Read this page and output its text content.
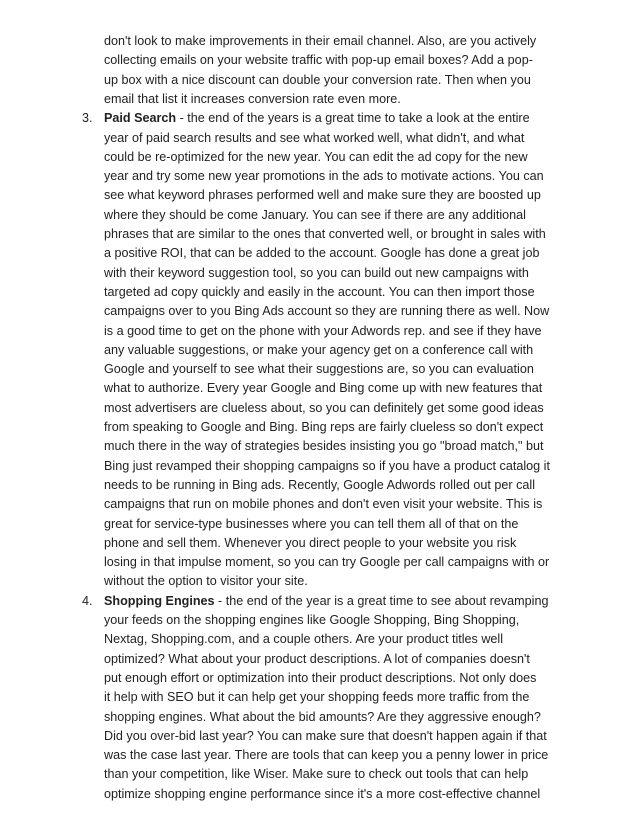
don't look to make improvements in their email channel. Also, are you actively
collecting emails on your website traffic with pop-up email boxes? Add a pop-
up box with a nice discount can double your conversion rate. Then when you
email that list it increases conversion rate even more.
3. Paid Search - the end of the years is a great time to take a look at the entire
year of paid search results and see what worked well, what didn't, and what
could be re-optimized for the new year. You can edit the ad copy for the new
year and try some new year promotions in the ads to motivate actions. You can
see what keyword phrases performed well and make sure they are boosted up
where they should be come January. You can see if there are any additional
phrases that are similar to the ones that converted well, or brought in sales with
a positive ROI, that can be added to the account. Google has done a great job
with their keyword suggestion tool, so you can build out new campaigns with
targeted ad copy quickly and easily in the account. You can then import those
campaigns over to you Bing Ads account so they are running there as well. Now
is a good time to get on the phone with your Adwords rep. and see if they have
any valuable suggestions, or make your agency get on a conference call with
Google and yourself to see what their suggestions are, so you can evaluation
what to authorize. Every year Google and Bing come up with new features that
most advertisers are clueless about, so you can definitely get some good ideas
from speaking to Google and Bing. Bing reps are fairly clueless so don't expect
much there in the way of strategies besides insisting you go "broad match," but
Bing just revamped their shopping campaigns so if you have a product catalog it
needs to be running in Bing ads. Recently, Google Adwords rolled out per call
campaigns that run on mobile phones and don't even visit your website. This is
great for service-type businesses where you can tell them all of that on the
phone and sell them. Whenever you direct people to your website you risk
losing in that impulse moment, so you can try Google per call campaigns with or
without the option to visitor your site.
4. Shopping Engines - the end of the year is a great time to see about revamping
your feeds on the shopping engines like Google Shopping, Bing Shopping,
Nextag, Shopping.com, and a couple others. Are your product titles well
optimized? What about your product descriptions. A lot of companies doesn't
put enough effort or optimization into their product descriptions. Not only does
it help with SEO but it can help get your shopping feeds more traffic from the
shopping engines. What about the bid amounts? Are they aggressive enough?
Did you over-bid last year? You can make sure that doesn't happen again if that
was the case last year. There are tools that can keep you a penny lower in price
than your competition, like Wiser. Make sure to check out tools that can help
optimize shopping engine performance since it's a more cost-effective channel
